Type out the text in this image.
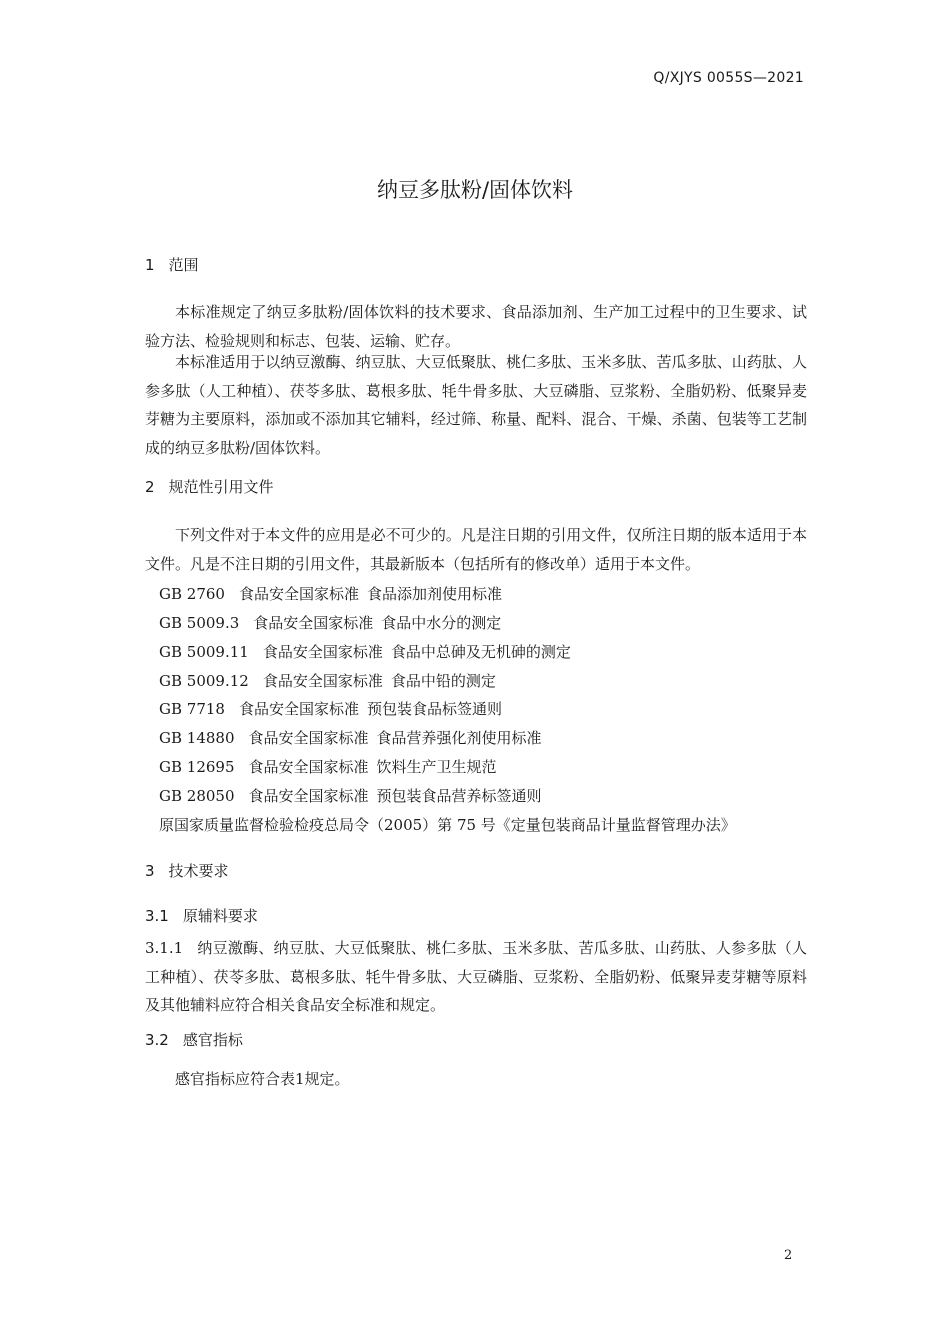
Q/XJYS 0055S—2021
纳豆多肽粉/固体饮料
1 范围
本标准规定了纳豆多肽粉/固体饮料的技术要求、食品添加剂、生产加工过程中的卫生要求、试验方法、检验规则和标志、包装、运输、贮存。
本标准适用于以纳豆激酶、纳豆肽、大豆低聚肽、桃仁多肽、玉米多肽、苦瓜多肽、山药肽、人参多肽（人工种植）、茯苓多肽、葛根多肽、牦牛骨多肽、大豆磷脂、豆浆粉、全脂奶粉、低聚异麦芽糖为主要原料，添加或不添加其它辅料，经过筛、称量、配料、混合、干燥、杀菌、包装等工艺制成的纳豆多肽粉/固体饮料。
2 规范性引用文件
下列文件对于本文件的应用是必不可少的。凡是注日期的引用文件，仅所注日期的版本适用于本文件。凡是不注日期的引用文件，其最新版本（包括所有的修改单）适用于本文件。
GB 2760 食品安全国家标准 食品添加剂使用标准
GB 5009.3 食品安全国家标准 食品中水分的测定
GB 5009.11 食品安全国家标准 食品中总砷及无机砷的测定
GB 5009.12 食品安全国家标准 食品中铅的测定
GB 7718 食品安全国家标准 预包装食品标签通则
GB 14880 食品安全国家标准 食品营养强化剂使用标准
GB 12695 食品安全国家标准 饮料生产卫生规范
GB 28050 食品安全国家标准 预包装食品营养标签通则
原国家质量监督检验检疫总局令（2005）第 75 号《定量包装商品计量监督管理办法》
3 技术要求
3.1 原辅料要求
3.1.1 纳豆激酶、纳豆肽、大豆低聚肽、桃仁多肽、玉米多肽、苦瓜多肽、山药肽、人参多肽（人工种植）、茯苓多肽、葛根多肽、牦牛骨多肽、大豆磷脂、豆浆粉、全脂奶粉、低聚异麦芽糖等原料及其他辅料应符合相关食品安全标准和规定。
3.2 感官指标
感官指标应符合表1规定。
2
